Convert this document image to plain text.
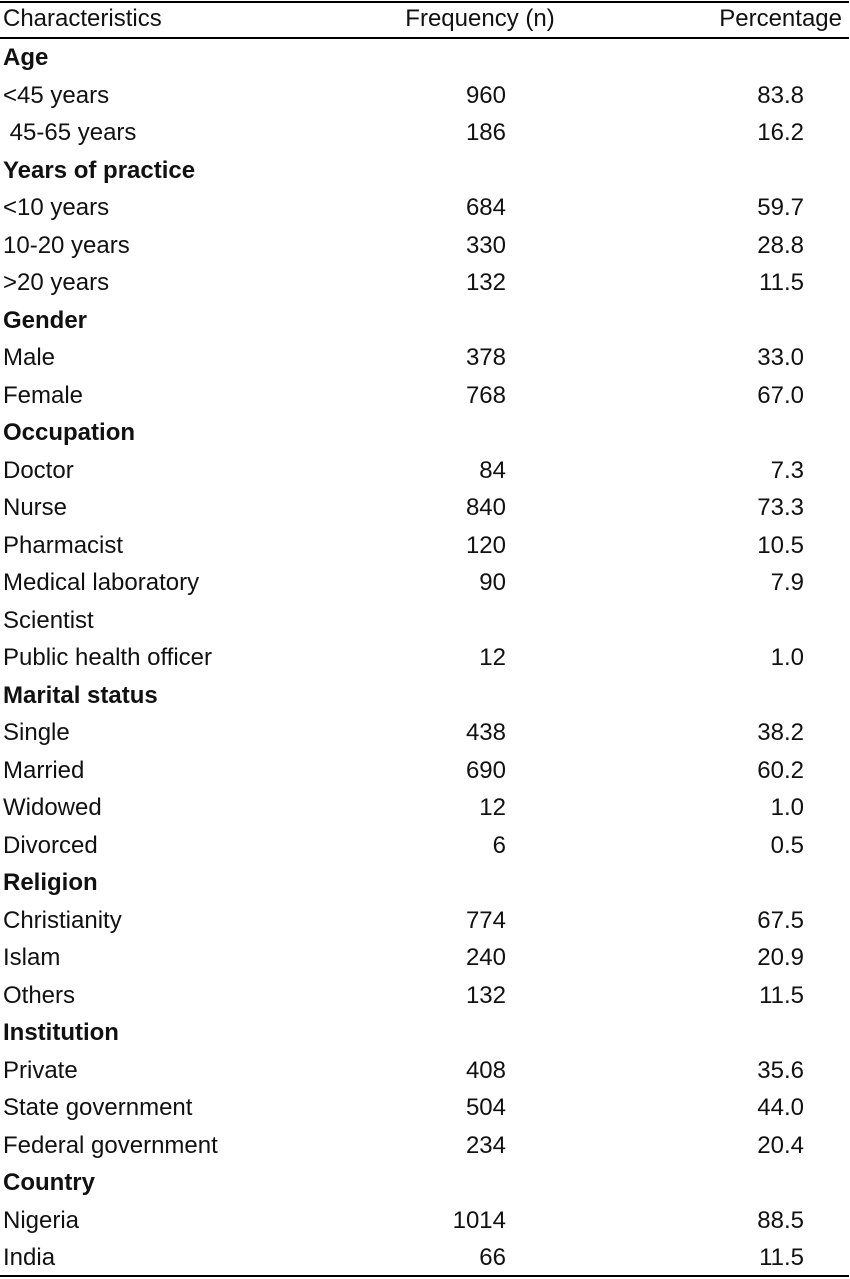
Characteristics	Frequency (n)	Percentage
Age
<45 years	960	83.8
45-65 years	186	16.2
Years of practice
<10 years	684	59.7
10-20 years	330	28.8
>20 years	132	11.5
Gender
Male	378	33.0
Female	768	67.0
Occupation
Doctor	84	7.3
Nurse	840	73.3
Pharmacist	120	10.5
Medical laboratory	90	7.9
Scientist
Public health officer	12	1.0
Marital status
Single	438	38.2
Married	690	60.2
Widowed	12	1.0
Divorced	6	0.5
Religion
Christianity	774	67.5
Islam	240	20.9
Others	132	11.5
Institution
Private	408	35.6
State government	504	44.0
Federal government	234	20.4
Country
Nigeria	1014	88.5
India	66	11.5
